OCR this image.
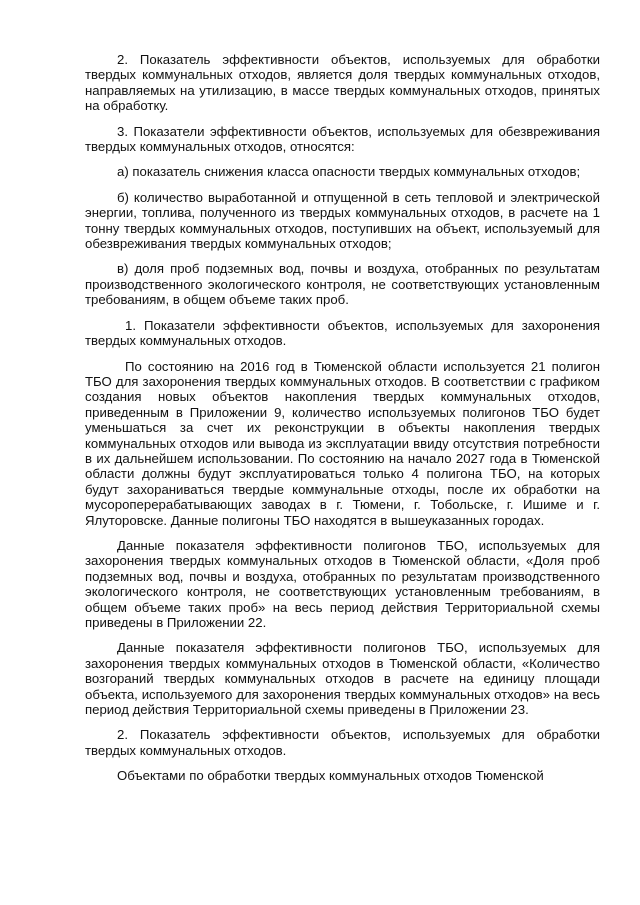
2. Показатель эффективности объектов, используемых для обработки твердых коммунальных отходов, является доля твердых коммунальных отходов, направляемых на утилизацию, в массе твердых коммунальных отходов, принятых на обработку.

3. Показатели эффективности объектов, используемых для обезвреживания твердых коммунальных отходов, относятся:

а) показатель снижения класса опасности твердых коммунальных отходов;

б) количество выработанной и отпущенной в сеть тепловой и электрической энергии, топлива, полученного из твердых коммунальных отходов, в расчете на 1 тонну твердых коммунальных отходов, поступивших на объект, используемый для обезвреживания твердых коммунальных отходов;

в) доля проб подземных вод, почвы и воздуха, отобранных по результатам производственного экологического контроля, не соответствующих установленным требованиям, в общем объеме таких проб.

1. Показатели эффективности объектов, используемых для захоронения твердых коммунальных отходов.

По состоянию на 2016 год в Тюменской области используется 21 полигон ТБО для захоронения твердых коммунальных отходов. В соответствии с графиком создания новых объектов накопления твердых коммунальных отходов, приведенным в Приложении 9, количество используемых полигонов ТБО будет уменьшаться за счет их реконструкции в объекты накопления твердых коммунальных отходов или вывода из эксплуатации ввиду отсутствия потребности в их дальнейшем использовании. По состоянию на начало 2027 года в Тюменской области должны будут эксплуатироваться только 4 полигона ТБО, на которых будут захораниваться твердые коммунальные отходы, после их обработки на мусороперерабатывающих заводах в г. Тюмени, г. Тобольске, г. Ишиме и г. Ялуторовске. Данные полигоны ТБО находятся в вышеуказанных городах.

Данные показателя эффективности полигонов ТБО, используемых для захоронения твердых коммунальных отходов в Тюменской области, «Доля проб подземных вод, почвы и воздуха, отобранных по результатам производственного экологического контроля, не соответствующих установленным требованиям, в общем объеме таких проб» на весь период действия Территориальной схемы приведены в Приложении 22.

Данные показателя эффективности полигонов ТБО, используемых для захоронения твердых коммунальных отходов в Тюменской области, «Количество возгораний твердых коммунальных отходов в расчете на единицу площади объекта, используемого для захоронения твердых коммунальных отходов» на весь период действия Территориальной схемы приведены в Приложении 23.

2. Показатель эффективности объектов, используемых для обработки твердых коммунальных отходов.

Объектами по обработки твердых коммунальных отходов Тюменской
